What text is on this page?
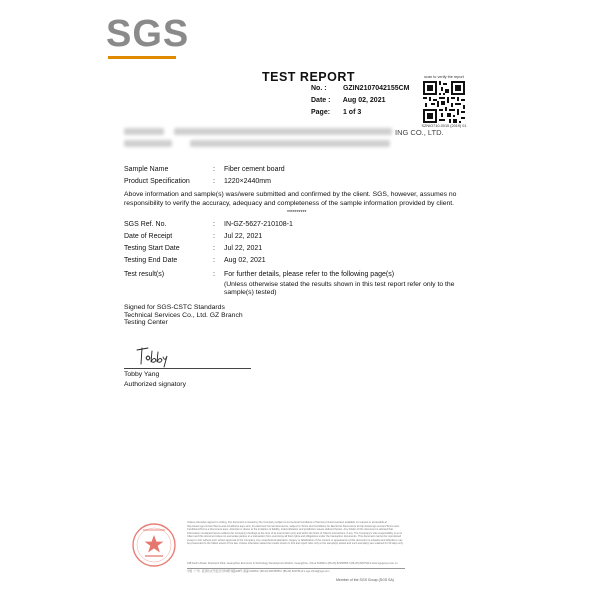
SGS
TEST REPORT
No. : GZIN2107042155CM
Date : Aug 02, 2021
Page: 1 of 3
scan to verify the report
SZNIO710-0015 (2019) 01
ING CO., LTD.
Sample Name	: Fiber cement board
Product Specification	: 1220×2440mm
Above information and sample(s) was/were submitted and confirmed by the client. SGS, however, assumes no responsibility to verify the accuracy, adequacy and completeness of the sample information provided by client.
**********
SGS Ref. No.	: IN-GZ-5627-210108-1
Date of Receipt	: Jul 22, 2021
Testing Start Date	: Jul 22, 2021
Testing End Date	: Aug 02, 2021
Test result(s)	: For further details, please refer to the following page(s)
(Unless otherwise stated the results shown in this test report refer only to the
sample(s) tested)
Signed for SGS-CSTC Standards Technical Services Co., Ltd. GZ Branch Testing Center
Tobby Yang
Authorized signatory
Unless otherwise agreed in writing, this document is issued by the Company subject to its General Conditions of Service printed overleaf, available on request or accessible at http://www.sgs.com/en/Terms-and-Conditions.aspx and, for electronic format documents, subject to Terms and Conditions for Electronic Documents at http://www.sgs.com/en/Terms-and-Conditions/Terms-e-Document.aspx. Attention is drawn to the limitation of liability, indemnification and jurisdiction issues defined therein. Any holder of this document is advised that information contained hereon reflects the Company's findings at the time of its intervention only and within the limits of Client's instructions, if any. The Company's sole responsibility is to its Client and this document does not exonerate parties to a transaction from exercising all their rights and obligations under the transaction documents. This document cannot be reproduced except in full, without prior written approval of the Company. Any unauthorized alteration, forgery or falsification of the content or appearance of this document is unlawful and offenders may be prosecuted to the fullest extent of the law. Unless otherwise stated the results shown in this test report refer only to the sample(s) tested and such sample(s) are retained for 30 days only.
198 Kezhu Road, Scientech Park, Guangzhou Economic & Technology Development District, Guangzhou, China 510663 t (86-20) 82155555 f (86-20) 82075113 www.sgsgroup.com.cn
中国 · 广州 · 经济技术开发区科学城科珠路198号 邮编 510663 t (86-20) 82155555 f (86-20) 82075113 e sgs.china@sgs.com
Member of the SGS Group (SGS SA)
